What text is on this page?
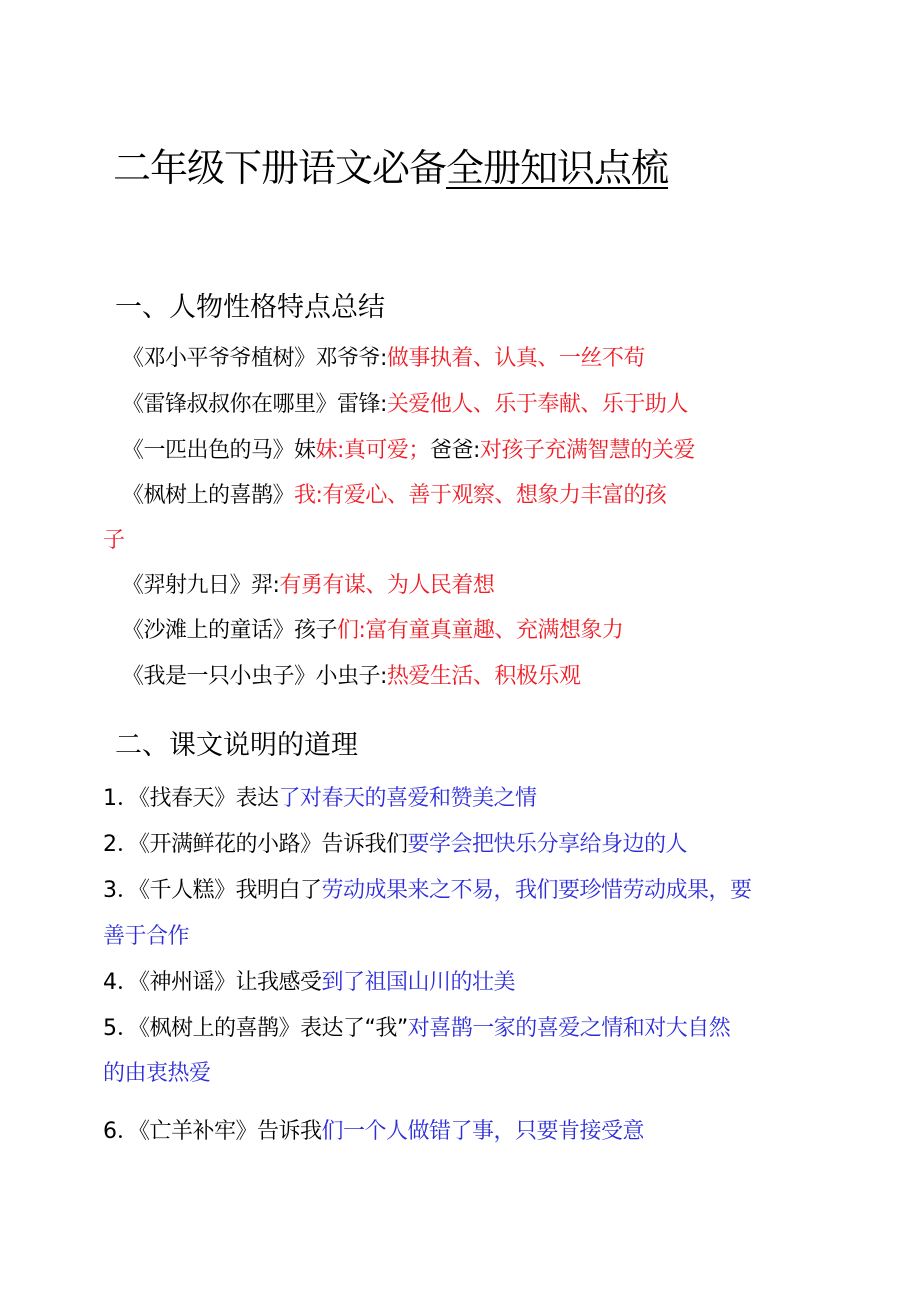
二年级下册语文必备全册知识点梳
一、人物性格特点总结
《邓小平爷爷植树》邓爷爷:做事执着、认真、一丝不苟
《雷锋叔叔你在哪里》雷锋:关爱他人、乐于奉献、乐于助人
《一匹出色的马》妹妹:真可爱；爸爸:对孩子充满智慧的关爱
《枫树上的喜鹊》我:有爱心、善于观察、想象力丰富的孩
子
《羿射九日》羿:有勇有谋、为人民着想
《沙滩上的童话》孩子们:富有童真童趣、充满想象力
《我是一只小虫子》小虫子:热爱生活、积极乐观
二、课文说明的道理
1．《找春天》表达了对春天的喜爱和赞美之情
2．《开满鲜花的小路》告诉我们要学会把快乐分享给身边的人
3．《千人糕》我明白了劳动成果来之不易，我们要珍惜劳动成果，要
善于合作
4．《神州谣》让我感受到了祖国山川的壮美
5．《枫树上的喜鹊》表达了“我”对喜鹊一家的喜爱之情和对大自然
的由衷热爱
6．《亡羊补牢》告诉我们一个人做错了事，只要肯接受意
